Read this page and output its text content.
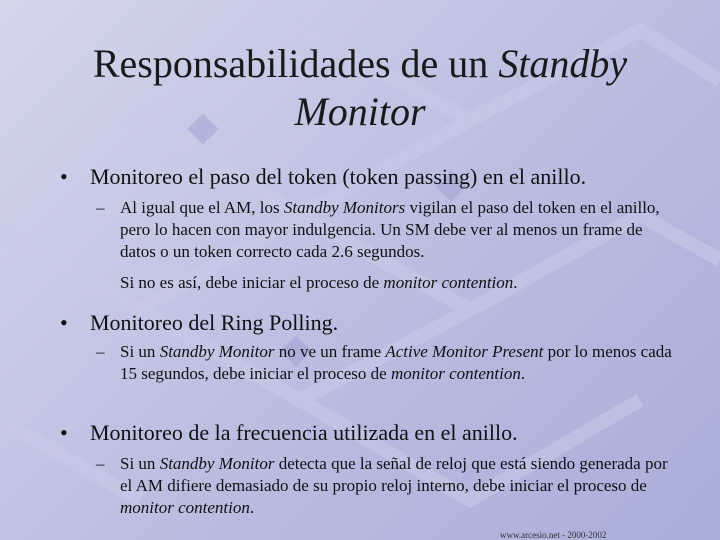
Responsabilidades de un Standby
Monitor
• Monitoreo el paso del token (token passing) en el anillo.
– Al igual que el AM, los Standby Monitors vigilan el paso del token en el anillo, pero lo hacen con mayor indulgencia. Un SM debe ver al menos un frame de datos o un token correcto cada 2.6 segundos.
Si no es así, debe iniciar el proceso de monitor contention.
• Monitoreo del Ring Polling.
– Si un Standby Monitor no ve un frame Active Monitor Present por lo menos cada 15 segundos, debe iniciar el proceso de monitor contention.
• Monitoreo de la frecuencia utilizada en el anillo.
– Si un Standby Monitor detecta que la señal de reloj que está siendo generada por el AM difiere demasiado de su propio reloj interno, debe iniciar el proceso de monitor contention.
www.arcesio.net - 2000-2002
